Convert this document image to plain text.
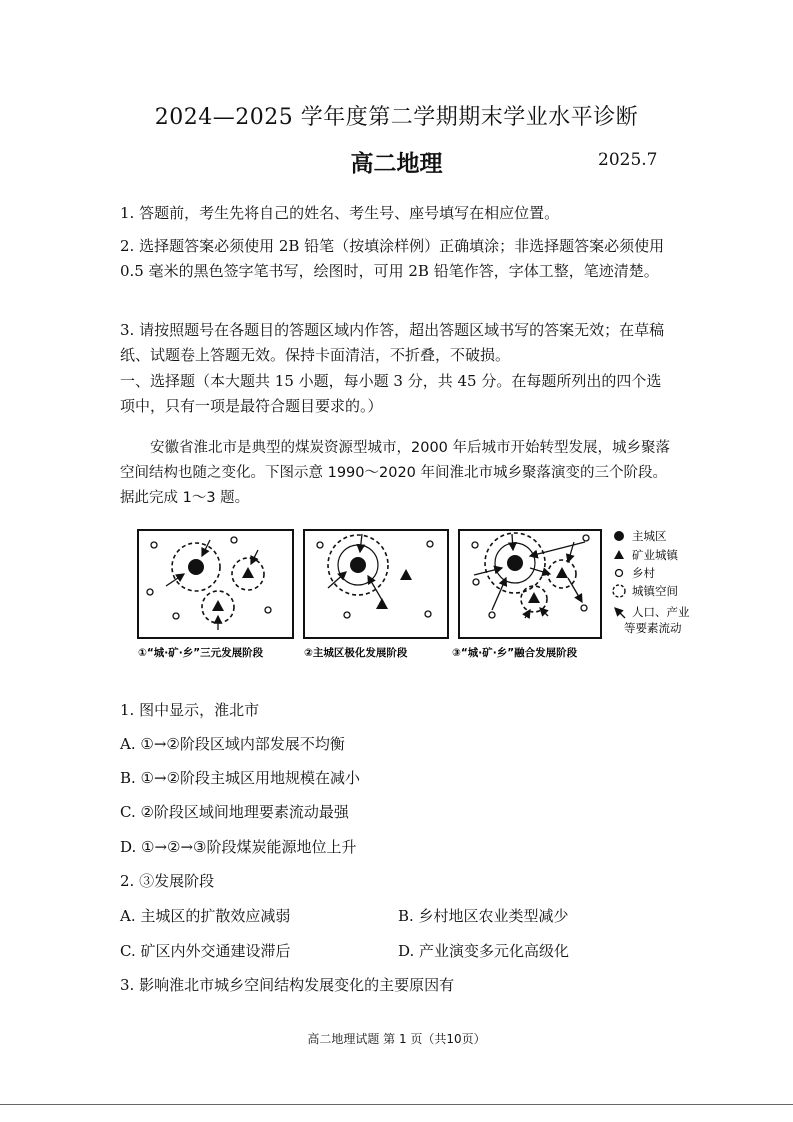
2024—2025 学年度第二学期期末学业水平诊断
高二地理	2025.7
1. 答题前，考生先将自己的姓名、考生号、座号填写在相应位置。
2. 选择题答案必须使用 2B 铅笔（按填涂样例）正确填涂；非选择题答案必须使用 0.5 毫米的黑色签字笔书写，绘图时，可用 2B 铅笔作答，字体工整，笔迹清楚。
3. 请按照题号在各题目的答题区域内作答，超出答题区域书写的答案无效；在草稿纸、试题卷上答题无效。保持卡面清洁，不折叠，不破损。
一、选择题（本大题共 15 小题，每小题 3 分，共 45 分。在每题所列出的四个选项中，只有一项是最符合题目要求的。）
安徽省淮北市是典型的煤炭资源型城市，2000 年后城市开始转型发展，城乡聚落空间结构也随之变化。下图示意 1990～2020 年间淮北市城乡聚落演变的三个阶段。据此完成 1～3 题。
主城区
矿业城镇
乡村
城镇空间
人口、产业
等要素流动
①“城·矿·乡”三元发展阶段	②主城区极化发展阶段	③“城·矿·乡”融合发展阶段
1. 图中显示，淮北市
A. ①→②阶段区域内部发展不均衡
B. ①→②阶段主城区用地规模在减小
C. ②阶段区域间地理要素流动最强
D. ①→②→③阶段煤炭能源地位上升
2. ③发展阶段
A. 主城区的扩散效应减弱	B. 乡村地区农业类型减少
C. 矿区内外交通建设滞后	D. 产业演变多元化高级化
3. 影响淮北市城乡空间结构发展变化的主要原因有
高二地理试题 第 1 页（共10页）
